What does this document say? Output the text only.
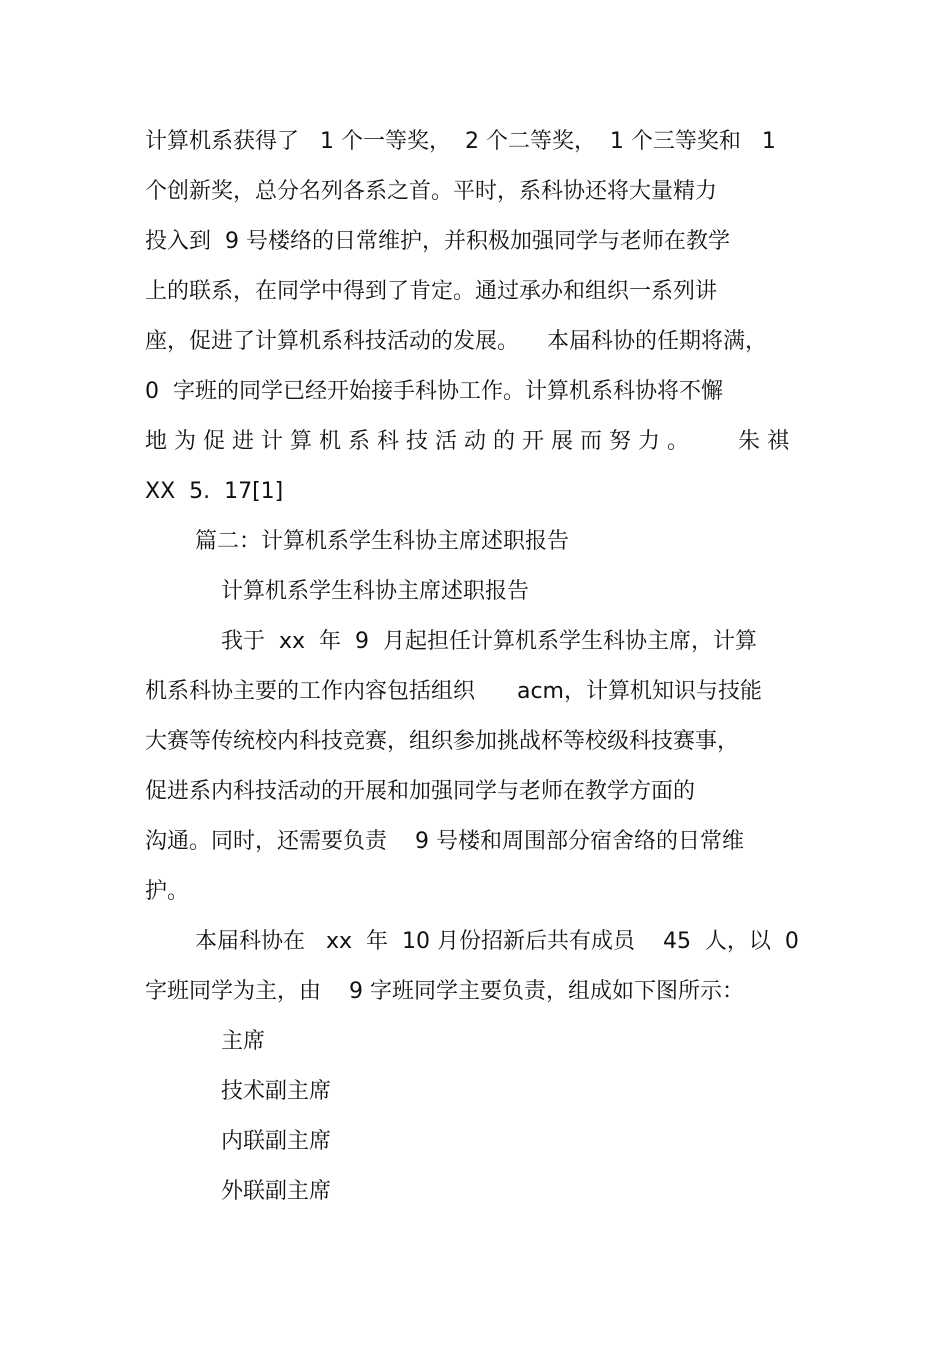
计算机系获得了   1 个一等奖，  2 个二等奖，  1 个三等奖和   1
个创新奖，总分名列各系之首。平时，系科协还将大量精力
投入到  9 号楼络的日常维护，并积极加强同学与老师在教学
上的联系，在同学中得到了肯定。通过承办和组织一系列讲
座，促进了计算机系科技活动的发展。    本届科协的任期将满，
0  字班的同学已经开始接手科协工作。计算机系科协将不懈
地为促进计算机系科技活动的开展而努力。   朱祺
XX  5.  17[1]
篇二：计算机系学生科协主席述职报告
计算机系学生科协主席述职报告
我于  xx  年  9  月起担任计算机系学生科协主席，计算
机系科协主要的工作内容包括组织      acm，计算机知识与技能
大赛等传统校内科技竞赛，组织参加挑战杯等校级科技赛事，
促进系内科技活动的开展和加强同学与老师在教学方面的
沟通。同时，还需要负责    9 号楼和周围部分宿舍络的日常维
护。
本届科协在   xx  年  10 月份招新后共有成员    45  人，以  0
字班同学为主，由    9 字班同学主要负责，组成如下图所示：
主席
技术副主席
内联副主席
外联副主席
